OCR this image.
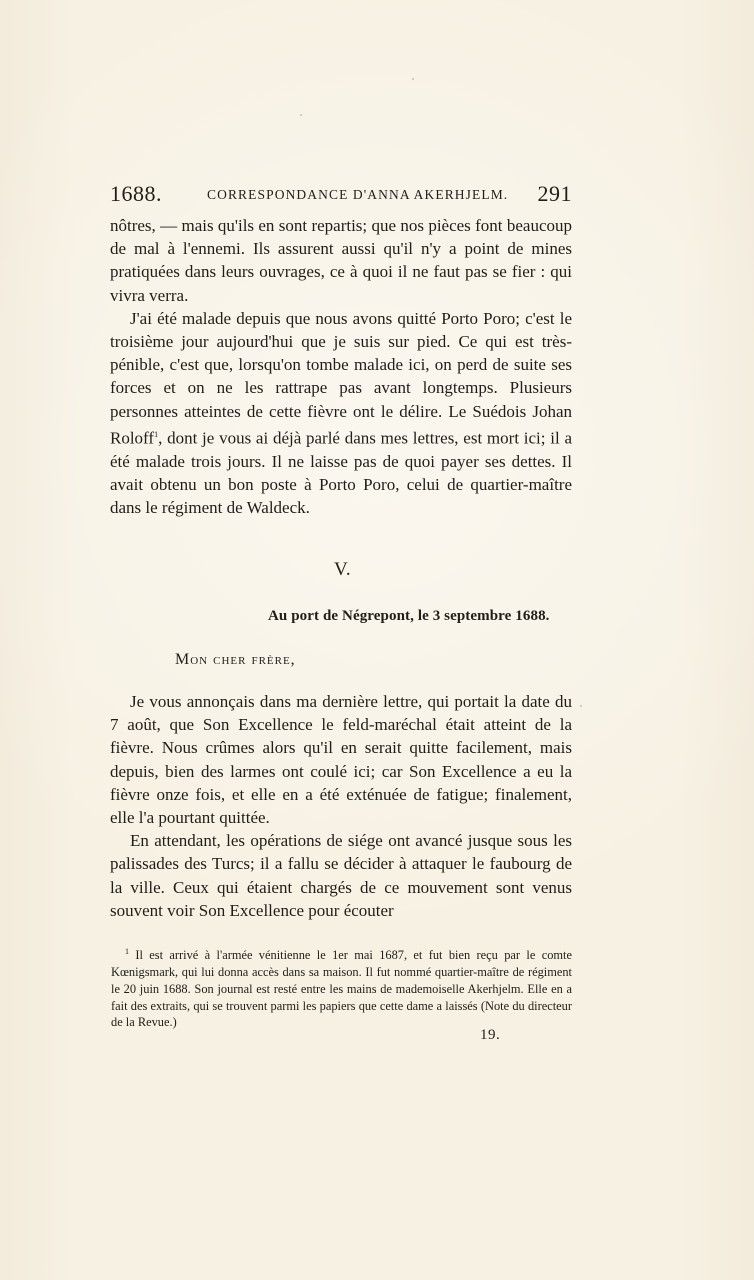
1688.	CORRESPONDANCE D'ANNA AKERHJELM. 291

nôtres, — mais qu'ils en sont repartis; que nos pièces font beaucoup de mal à l'ennemi. Ils assurent aussi qu'il n'y a point de mines pratiquées dans leurs ouvrages, ce à quoi il ne faut pas se fier : qui vivra verra.

J'ai été malade depuis que nous avons quitté Porto Poro; c'est le troisième jour aujourd'hui que je suis sur pied. Ce qui est très-pénible, c'est que, lorsqu'on tombe malade ici, on perd de suite ses forces et on ne les rattrape pas avant longtemps. Plusieurs personnes atteintes de cette fièvre ont le délire. Le Suédois Johan Roloff$^1$, dont je vous ai déjà parlé dans mes lettres, est mort ici; il a été malade trois jours. Il ne laisse pas de quoi payer ses dettes. Il avait obtenu un bon poste à Porto Poro, celui de quartier-maître dans le régiment de Waldeck.

V.
Au port de Négrepont, le 3 septembre 1688.
Mon cher frère,

Je vous annonçais dans ma dernière lettre, qui portait la date du 7 août, que Son Excellence le feld-maréchal était atteint de la fièvre. Nous crûmes alors qu'il en serait quitte facilement, mais depuis, bien des larmes ont coulé ici; car Son Excellence a eu la fièvre onze fois, et elle en a été exténuée de fatigue; finalement, elle l'a pourtant quittée.

En attendant, les opérations de siége ont avancé jusque sous les palissades des Turcs; il a fallu se décider à attaquer le faubourg de la ville. Ceux qui étaient chargés de ce mouvement sont venus souvent voir Son Excellence pour écouter

$^1$ Il est arrivé à l'armée vénitienne le 1er mai 1687, et fut bien reçu par le comte Kœnigsmark, qui lui donna accès dans sa maison. Il fut nommé quartier-maître de régiment le 20 juin 1688. Son journal est resté entre les mains de mademoiselle Akerhjelm. Elle en a fait des extraits, qui se trouvent parmi les papiers que cette dame a laissés (Note du directeur de la Revue.)

19.
